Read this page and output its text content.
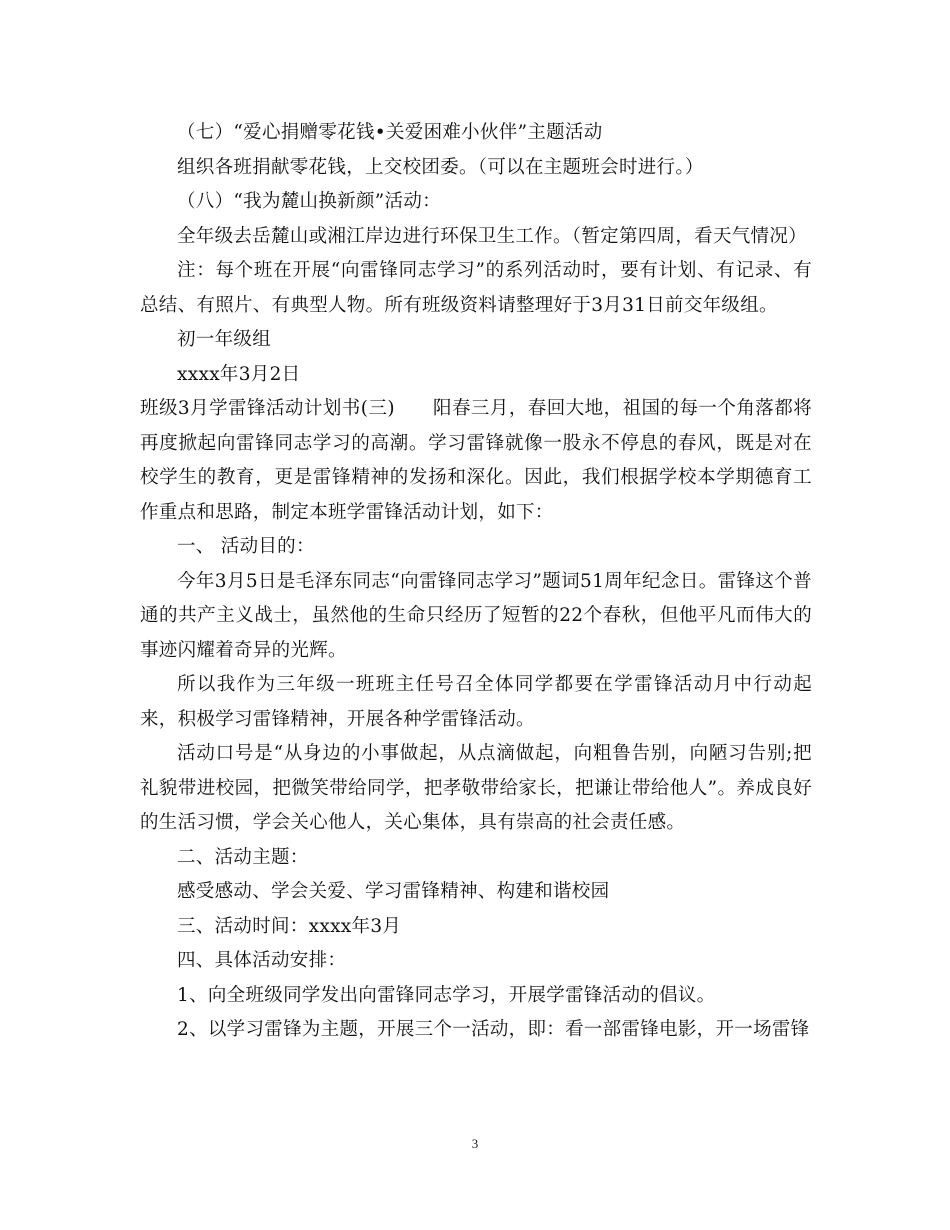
（七）“爱心捐赠零花钱•关爱困难小伙伴”主题活动

组织各班捐献零花钱，上交校团委。（可以在主题班会时进行。）

（八）“我为麓山换新颜”活动：

全年级去岳麓山或湘江岸边进行环保卫生工作。（暂定第四周，看天气情况）

注：每个班在开展“向雷锋同志学习”的系列活动时，要有计划、有记录、有总结、有照片、有典型人物。所有班级资料请整理好于3月31日前交年级组。

初一年级组

xxxx年3月2日

班级3月学雷锋活动计划书(三)　　阳春三月，春回大地，祖国的每一个角落都将再度掀起向雷锋同志学习的高潮。学习雷锋就像一股永不停息的春风，既是对在校学生的教育，更是雷锋精神的发扬和深化。因此，我们根据学校本学期德育工作重点和思路，制定本班学雷锋活动计划，如下：

一、 活动目的：

今年3月5日是毛泽东同志“向雷锋同志学习”题词51周年纪念日。雷锋这个普通的共产主义战士，虽然他的生命只经历了短暂的22个春秋，但他平凡而伟大的事迹闪耀着奇异的光辉。

所以我作为三年级一班班主任号召全体同学都要在学雷锋活动月中行动起来，积极学习雷锋精神，开展各种学雷锋活动。

活动口号是“从身边的小事做起，从点滴做起，向粗鲁告别，向陋习告别;把礼貌带进校园，把微笑带给同学，把孝敬带给家长，把谦让带给他人”。养成良好的生活习惯，学会关心他人，关心集体，具有崇高的社会责任感。

二、活动主题：

感受感动、学会关爱、学习雷锋精神、构建和谐校园

三、活动时间：xxxx年3月

四、具体活动安排：

1、向全班级同学发出向雷锋同志学习，开展学雷锋活动的倡议。

2、以学习雷锋为主题，开展三个一活动，即：看一部雷锋电影，开一场雷锋

3
